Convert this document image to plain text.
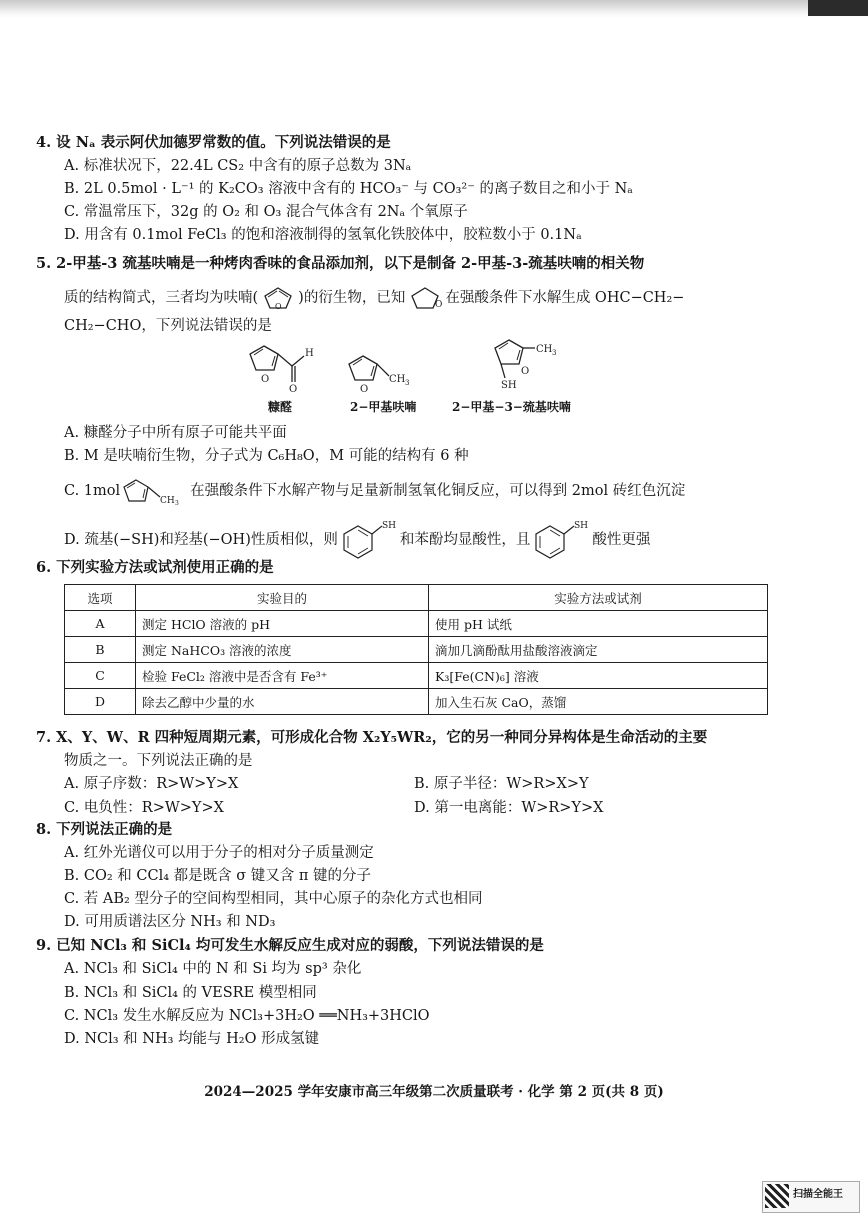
4. 设 Nₐ 表示阿伏加德罗常数的值。下列说法错误的是
A. 标准状况下，22.4L CS₂ 中含有的原子总数为 3Nₐ
B. 2L 0.5mol · L⁻¹ 的 K₂CO₃ 溶液中含有的 HCO₃⁻ 与 CO₃²⁻ 的离子数目之和小于 Nₐ
C. 常温常压下，32g 的 O₂ 和 O₃ 混合气体含有 2Nₐ 个氧原子
D. 用含有 0.1mol FeCl₃ 的饱和溶液制得的氢氧化铁胶体中，胶粒数小于 0.1Nₐ
5. 2-甲基-3 巯基呋喃是一种烤肉香味的食品添加剂，以下是制备 2-甲基-3-巯基呋喃的相关物
质的结构简式，三者均为呋喃(
O
)的衍生物，已知	O 在强酸条件下水解生成 OHC−CH₂−
CH₂−CHO，下列说法错误的是
O
H
O
糠醛
O
CH 3
2−甲基呋喃
O
CH 3
SH
2−甲基−3−巯基呋喃
A. 糠醛分子中所有原子可能共平面
B. M 是呋喃衍生物，分子式为 C₆H₈O，M 可能的结构有 6 种
C. 1mol
CH 3
在强酸条件下水解产物与足量新制氢氧化铜反应，可以得到 2mol 砖红色沉淀
D. 巯基(−SH)和羟基(−OH)性质相似，则
SH
和苯酚均显酸性，且
SH
酸性更强
6. 下列实验方法或试剂使用正确的是
选项	实验目的	实验方法或试剂
A	测定 HClO 溶液的 pH	使用 pH 试纸
B	测定 NaHCO₃ 溶液的浓度	滴加几滴酚酞用盐酸溶液滴定
C	检验 FeCl₂ 溶液中是否含有 Fe³⁺	K₃[Fe(CN)₆] 溶液
D	除去乙醇中少量的水	加入生石灰 CaO，蒸馏
7. X、Y、W、R 四种短周期元素，可形成化合物 X₂Y₅WR₂，它的另一种同分异构体是生命活动的主要
物质之一。下列说法正确的是
A. 原子序数：R>W>Y>X	B. 原子半径：W>R>X>Y
C. 电负性：R>W>Y>X	D. 第一电离能：W>R>Y>X
8. 下列说法正确的是
A. 红外光谱仪可以用于分子的相对分子质量测定
B. CO₂ 和 CCl₄ 都是既含 σ 键又含 π 键的分子
C. 若 AB₂ 型分子的空间构型相同，其中心原子的杂化方式也相同
D. 可用质谱法区分 NH₃ 和 ND₃
9. 已知 NCl₃ 和 SiCl₄ 均可发生水解反应生成对应的弱酸，下列说法错误的是
A. NCl₃ 和 SiCl₄ 中的 N 和 Si 均为 sp³ 杂化
B. NCl₃ 和 SiCl₄ 的 VESRE 模型相同
C. NCl₃ 发生水解反应为 NCl₃+3H₂O ══NH₃+3HClO
D. NCl₃ 和 NH₃ 均能与 H₂O 形成氢键
2024—2025 学年安康市高三年级第二次质量联考 · 化学 第 2 页(共 8 页)
扫描全能王
